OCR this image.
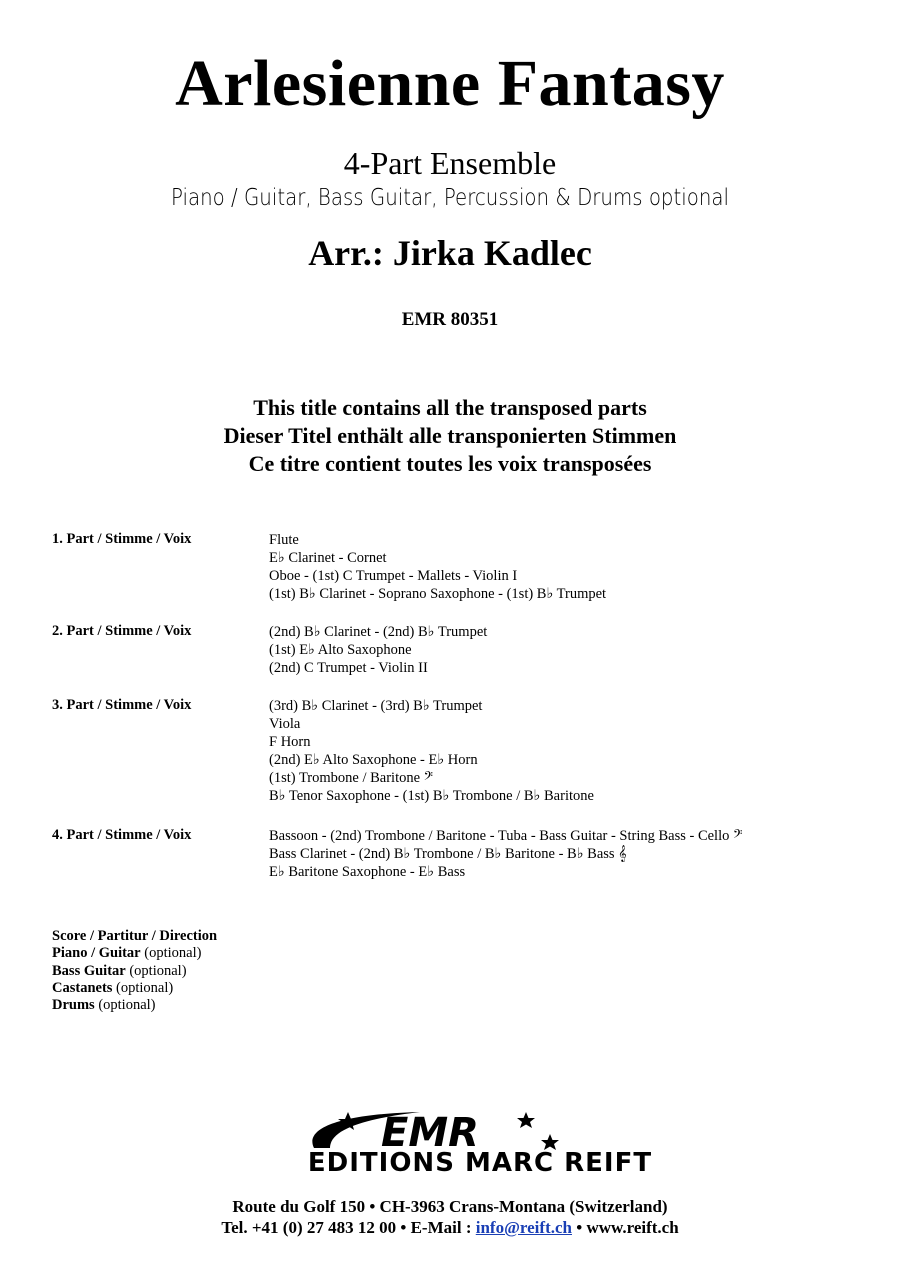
Arlesienne Fantasy
4-Part Ensemble
Piano / Guitar, Bass Guitar, Percussion & Drums optional
Arr.: Jirka Kadlec
EMR 80351
This title contains all the transposed parts
Dieser Titel enthält alle transponierten Stimmen
Ce titre contient toutes les voix transposées
1. Part / Stimme / Voix	Flute
E♭ Clarinet - Cornet
Oboe - (1st) C Trumpet - Mallets - Violin I
(1st) B♭ Clarinet - Soprano Saxophone - (1st) B♭ Trumpet
2. Part / Stimme / Voix	(2nd) B♭ Clarinet - (2nd) B♭ Trumpet
(1st) E♭ Alto Saxophone
(2nd) C Trumpet - Violin II
3. Part / Stimme / Voix	(3rd) B♭ Clarinet - (3rd) B♭ Trumpet
Viola
F Horn
(2nd) E♭ Alto Saxophone - E♭ Horn
(1st) Trombone / Baritone 𝄢
B♭ Tenor Saxophone - (1st) B♭ Trombone / B♭ Baritone
4. Part / Stimme / Voix	Bassoon - (2nd) Trombone / Baritone - Tuba - Bass Guitar - String Bass - Cello 𝄢
Bass Clarinet - (2nd) B♭ Trombone / B♭ Baritone - B♭ Bass 𝄞
E♭ Baritone Saxophone - E♭ Bass
Score / Partitur / Direction
Piano / Guitar (optional)
Bass Guitar (optional)
Castanets (optional)
Drums (optional)
EMR
EDITIONS MARC REIFT
Route du Golf 150 • CH-3963 Crans-Montana (Switzerland)
Tel. +41 (0) 27 483 12 00 • E-Mail : info@reift.ch • www.reift.ch
